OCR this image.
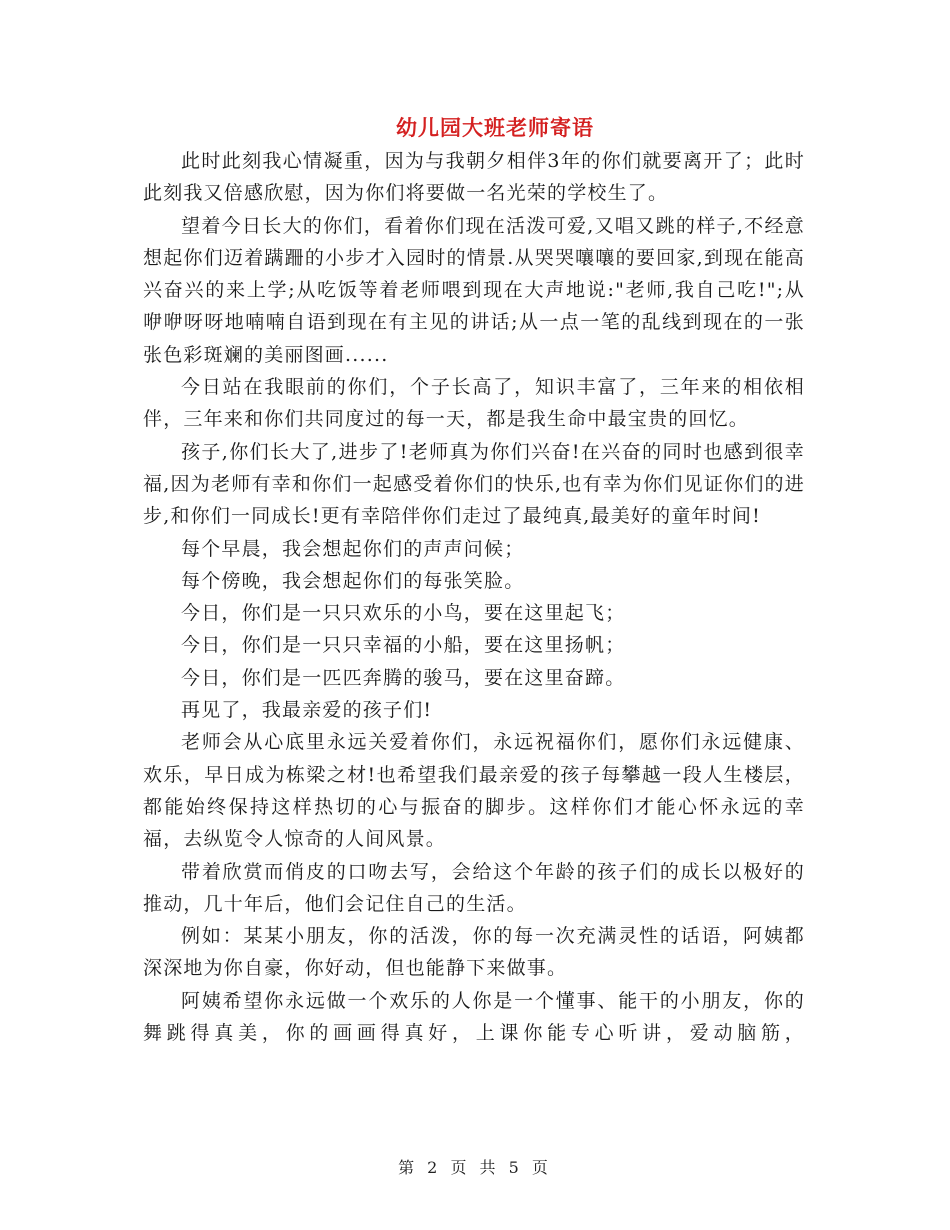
幼儿园大班老师寄语

此时此刻我心情凝重，因为与我朝夕相伴3年的你们就要离开了；此时此刻我又倍感欣慰，因为你们将要做一名光荣的学校生了。

望着今日长大的你们，看着你们现在活泼可爱,又唱又跳的样子,不经意想起你们迈着蹒跚的小步才入园时的情景.从哭哭嚷嚷的要回家,到现在能高兴奋兴的来上学;从吃饭等着老师喂到现在大声地说:"老师,我自己吃!";从咿咿呀呀地喃喃自语到现在有主见的讲话;从一点一笔的乱线到现在的一张张色彩斑斓的美丽图画......

今日站在我眼前的你们，个子长高了，知识丰富了，三年来的相依相伴，三年来和你们共同度过的每一天，都是我生命中最宝贵的回忆。

孩子,你们长大了,进步了!老师真为你们兴奋!在兴奋的同时也感到很幸福,因为老师有幸和你们一起感受着你们的快乐,也有幸为你们见证你们的进步,和你们一同成长!更有幸陪伴你们走过了最纯真,最美好的童年时间!

每个早晨，我会想起你们的声声问候；

每个傍晚，我会想起你们的每张笑脸。

今日，你们是一只只欢乐的小鸟，要在这里起飞；

今日，你们是一只只幸福的小船，要在这里扬帆；

今日，你们是一匹匹奔腾的骏马，要在这里奋蹄。

再见了，我最亲爱的孩子们!

老师会从心底里永远关爱着你们，永远祝福你们，愿你们永远健康、欢乐，早日成为栋梁之材!也希望我们最亲爱的孩子每攀越一段人生楼层，都能始终保持这样热切的心与振奋的脚步。这样你们才能心怀永远的幸福，去纵览令人惊奇的人间风景。

带着欣赏而俏皮的口吻去写，会给这个年龄的孩子们的成长以极好的推动，几十年后，他们会记住自己的生活。

例如：某某小朋友，你的活泼，你的每一次充满灵性的话语，阿姨都深深地为你自豪，你好动，但也能静下来做事。

阿姨希望你永远做一个欢乐的人你是一个懂事、能干的小朋友，你的舞跳得真美，你的画画得真好，上课你能专心听讲，爱动脑筋，

第 2 页 共 5 页
